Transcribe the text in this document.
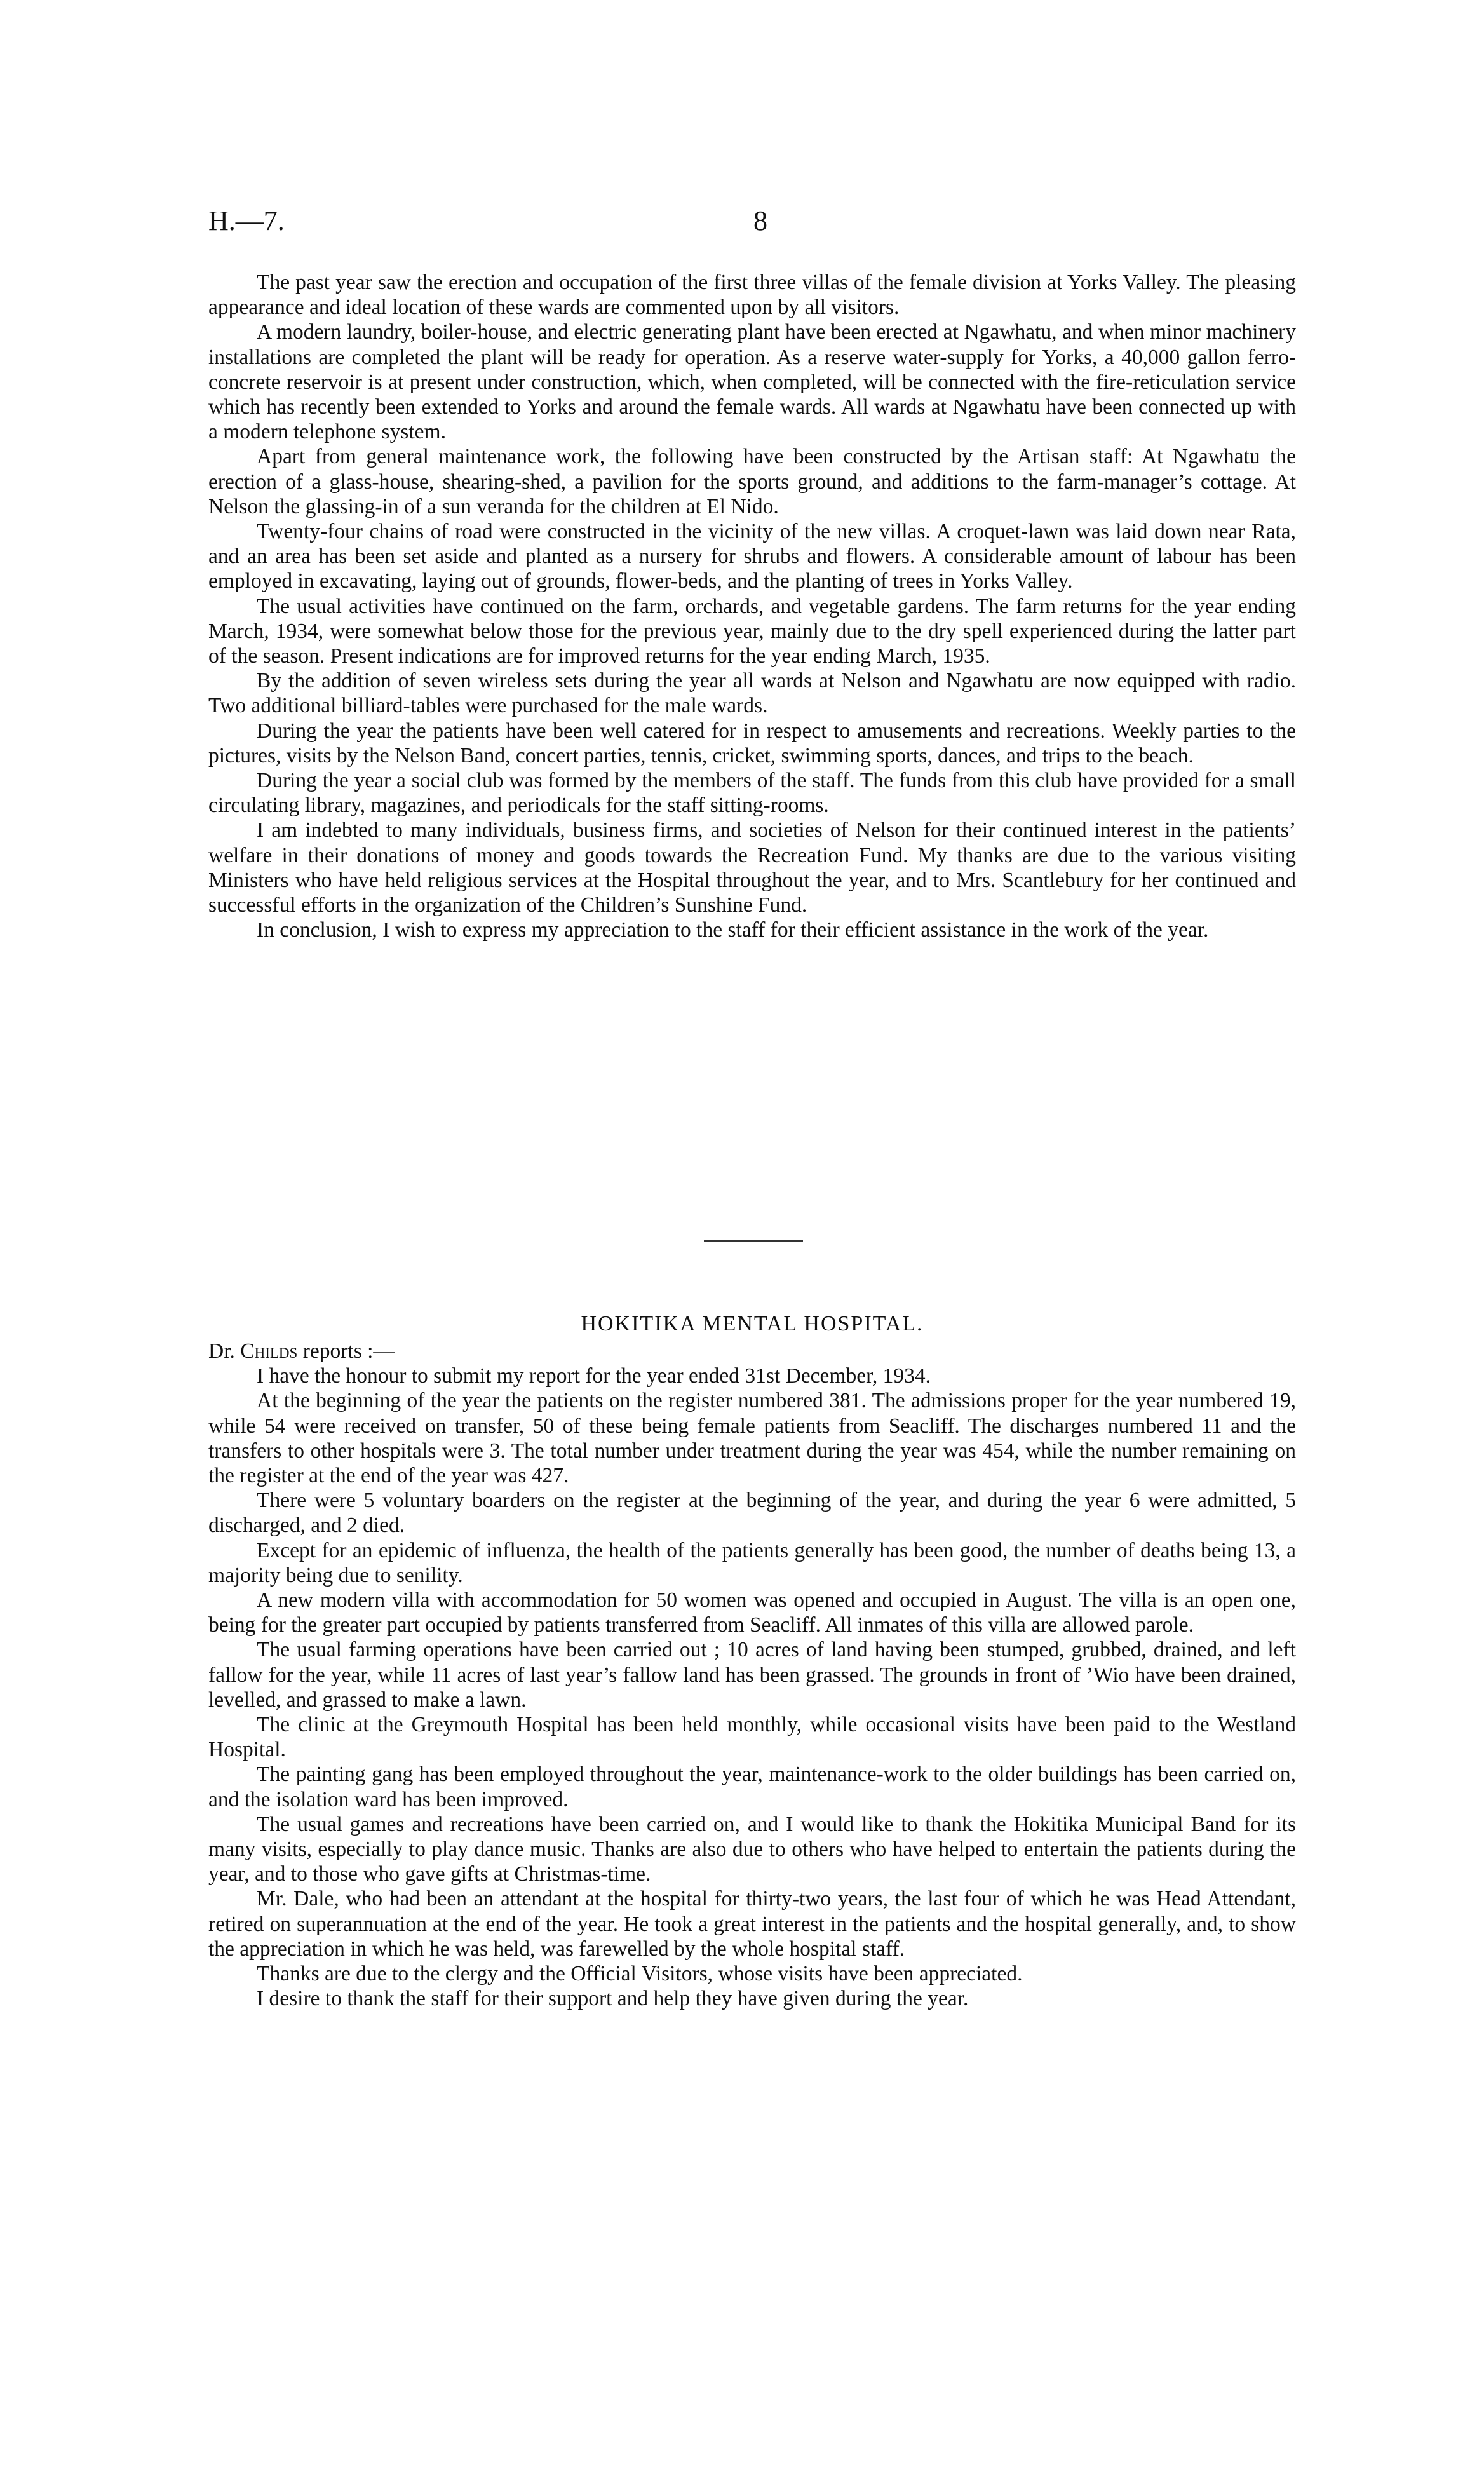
H.—7.	8

The past year saw the erection and occupation of the first three villas of the female division at Yorks Valley. The pleasing appearance and ideal location of these wards are commented upon by all visitors.

A modern laundry, boiler-house, and electric generating plant have been erected at Ngawhatu, and when minor machinery installations are completed the plant will be ready for operation. As a reserve water-supply for Yorks, a 40,000 gallon ferro-concrete reservoir is at present under construction, which, when completed, will be connected with the fire-reticulation service which has recently been extended to Yorks and around the female wards. All wards at Ngawhatu have been connected up with a modern telephone system.

Apart from general maintenance work, the following have been constructed by the Artisan staff: At Ngawhatu the erection of a glass-house, shearing-shed, a pavilion for the sports ground, and additions to the farm-manager’s cottage. At Nelson the glassing-in of a sun veranda for the children at El Nido.

Twenty-four chains of road were constructed in the vicinity of the new villas. A croquet-lawn was laid down near Rata, and an area has been set aside and planted as a nursery for shrubs and flowers. A considerable amount of labour has been employed in excavating, laying out of grounds, flower-beds, and the planting of trees in Yorks Valley.

The usual activities have continued on the farm, orchards, and vegetable gardens. The farm returns for the year ending March, 1934, were somewhat below those for the previous year, mainly due to the dry spell experienced during the latter part of the season. Present indications are for improved returns for the year ending March, 1935.

By the addition of seven wireless sets during the year all wards at Nelson and Ngawhatu are now equipped with radio. Two additional billiard-tables were purchased for the male wards.

During the year the patients have been well catered for in respect to amusements and recreations. Weekly parties to the pictures, visits by the Nelson Band, concert parties, tennis, cricket, swimming sports, dances, and trips to the beach.

During the year a social club was formed by the members of the staff. The funds from this club have provided for a small circulating library, magazines, and periodicals for the staff sitting-rooms.

I am indebted to many individuals, business firms, and societies of Nelson for their continued interest in the patients’ welfare in their donations of money and goods towards the Recreation Fund. My thanks are due to the various visiting Ministers who have held religious services at the Hospital throughout the year, and to Mrs. Scantlebury for her continued and successful efforts in the organization of the Children’s Sunshine Fund.

In conclusion, I wish to express my appreciation to the staff for their efficient assistance in the work of the year.

HOKITIKA MENTAL HOSPITAL.

Dr. Childs reports :—

I have the honour to submit my report for the year ended 31st December, 1934.

At the beginning of the year the patients on the register numbered 381. The admissions proper for the year numbered 19, while 54 were received on transfer, 50 of these being female patients from Seacliff. The discharges numbered 11 and the transfers to other hospitals were 3. The total number under treatment during the year was 454, while the number remaining on the register at the end of the year was 427.

There were 5 voluntary boarders on the register at the beginning of the year, and during the year 6 were admitted, 5 discharged, and 2 died.

Except for an epidemic of influenza, the health of the patients generally has been good, the number of deaths being 13, a majority being due to senility.

A new modern villa with accommodation for 50 women was opened and occupied in August. The villa is an open one, being for the greater part occupied by patients transferred from Seacliff. All inmates of this villa are allowed parole.

The usual farming operations have been carried out ; 10 acres of land having been stumped, grubbed, drained, and left fallow for the year, while 11 acres of last year’s fallow land has been grassed. The grounds in front of ’Wio have been drained, levelled, and grassed to make a lawn.

The clinic at the Greymouth Hospital has been held monthly, while occasional visits have been paid to the Westland Hospital.

The painting gang has been employed throughout the year, maintenance-work to the older buildings has been carried on, and the isolation ward has been improved.

The usual games and recreations have been carried on, and I would like to thank the Hokitika Municipal Band for its many visits, especially to play dance music. Thanks are also due to others who have helped to entertain the patients during the year, and to those who gave gifts at Christmas-time.

Mr. Dale, who had been an attendant at the hospital for thirty-two years, the last four of which he was Head Attendant, retired on superannuation at the end of the year. He took a great interest in the patients and the hospital generally, and, to show the appreciation in which he was held, was farewelled by the whole hospital staff.

Thanks are due to the clergy and the Official Visitors, whose visits have been appreciated.

I desire to thank the staff for their support and help they have given during the year.
